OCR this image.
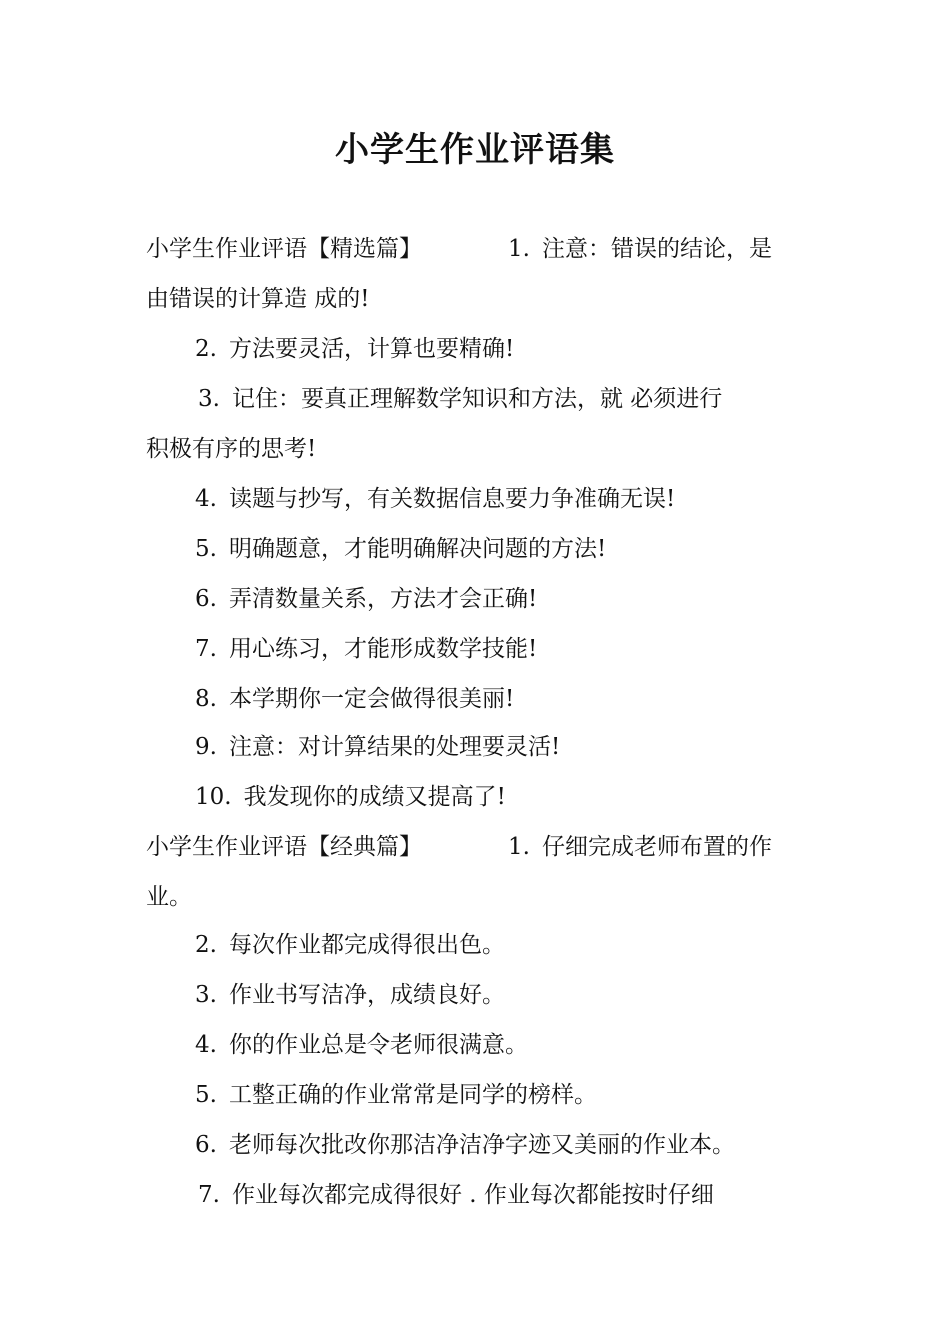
小学生作业评语集
小学生作业评语【精选篇】	1. 注意：错误的结论，是
由错误的计算造 成的!
2. 方法要灵活，计算也要精确!
3. 记住：要真正理解数学知识和方法，就 必须进行
积极有序的思考!
4. 读题与抄写，有关数据信息要力争准确无误!
5. 明确题意，才能明确解决问题的方法!
6. 弄清数量关系，方法才会正确!
7. 用心练习，才能形成数学技能!
8. 本学期你一定会做得很美丽!
9. 注意：对计算结果的处理要灵活!
10. 我发现你的成绩又提高了!
小学生作业评语【经典篇】	1. 仔细完成老师布置的作
业。
2. 每次作业都完成得很出色。
3. 作业书写洁净，成绩良好。
4. 你的作业总是令老师很满意。
5. 工整正确的作业常常是同学的榜样。
6. 老师每次批改你那洁净洁净字迹又美丽的作业本。
7. 作业每次都完成得很好 . 作业每次都能按时仔细
